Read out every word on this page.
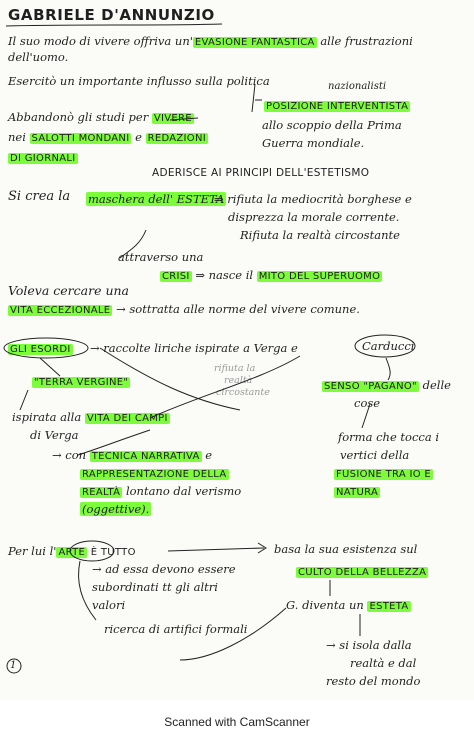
GABRIELE D'ANNUNZIO
Il suo modo di vivere offriva un' EVASIONE FANTASTICA alle frustrazioni
dell'uomo.
Esercitò un importante influsso sulla politica	nazionalisti
POSIZIONE INTERVENTISTA
Abbandonò gli studi per VIVERE
nei SALOTTI MONDANI e REDAZIONI
DI GIORNALI
allo scoppio della Prima
Guerra mondiale.
ADERISCE AI PRINCIPI DELL'ESTETISMO
Si crea la maschera dell' ESTETA
⇒ rifiuta la mediocrità borghese e
disprezza la morale corrente.
Rifiuta la realtà circostante
attraverso una
CRISI ⇒ nasce il MITO DEL SUPERUOMO
Voleva cercare una
VITA ECCEZIONALE → sottratta alle norme del vivere comune.
GLI ESORDI → raccolte liriche ispirate a Verga e	Carducci
"TERRA VERGINE"
rifiuta la
realtà
circostante
SENSO "PAGANO" delle
cose
ispirata alla VITA DEI CAMPI
di Verga	forma che tocca i
vertici della
FUSIONE TRA IO E
NATURA
→ con TECNICA NARRATIVA e
RAPPRESENTAZIONE DELLA
REALTÀ lontano dal verismo
(oggettive).
Per lui l' ARTE È TUTTO	basa la sua esistenza sul
CULTO DELLA BELLEZZA
→ ad essa devono essere
subordinati tt gli altri
valori	G. diventa un ESTETA
ricerca di artifici formali
→ si isola dalla
realtà e dal
resto del mondo
1
Scanned with CamScanner
